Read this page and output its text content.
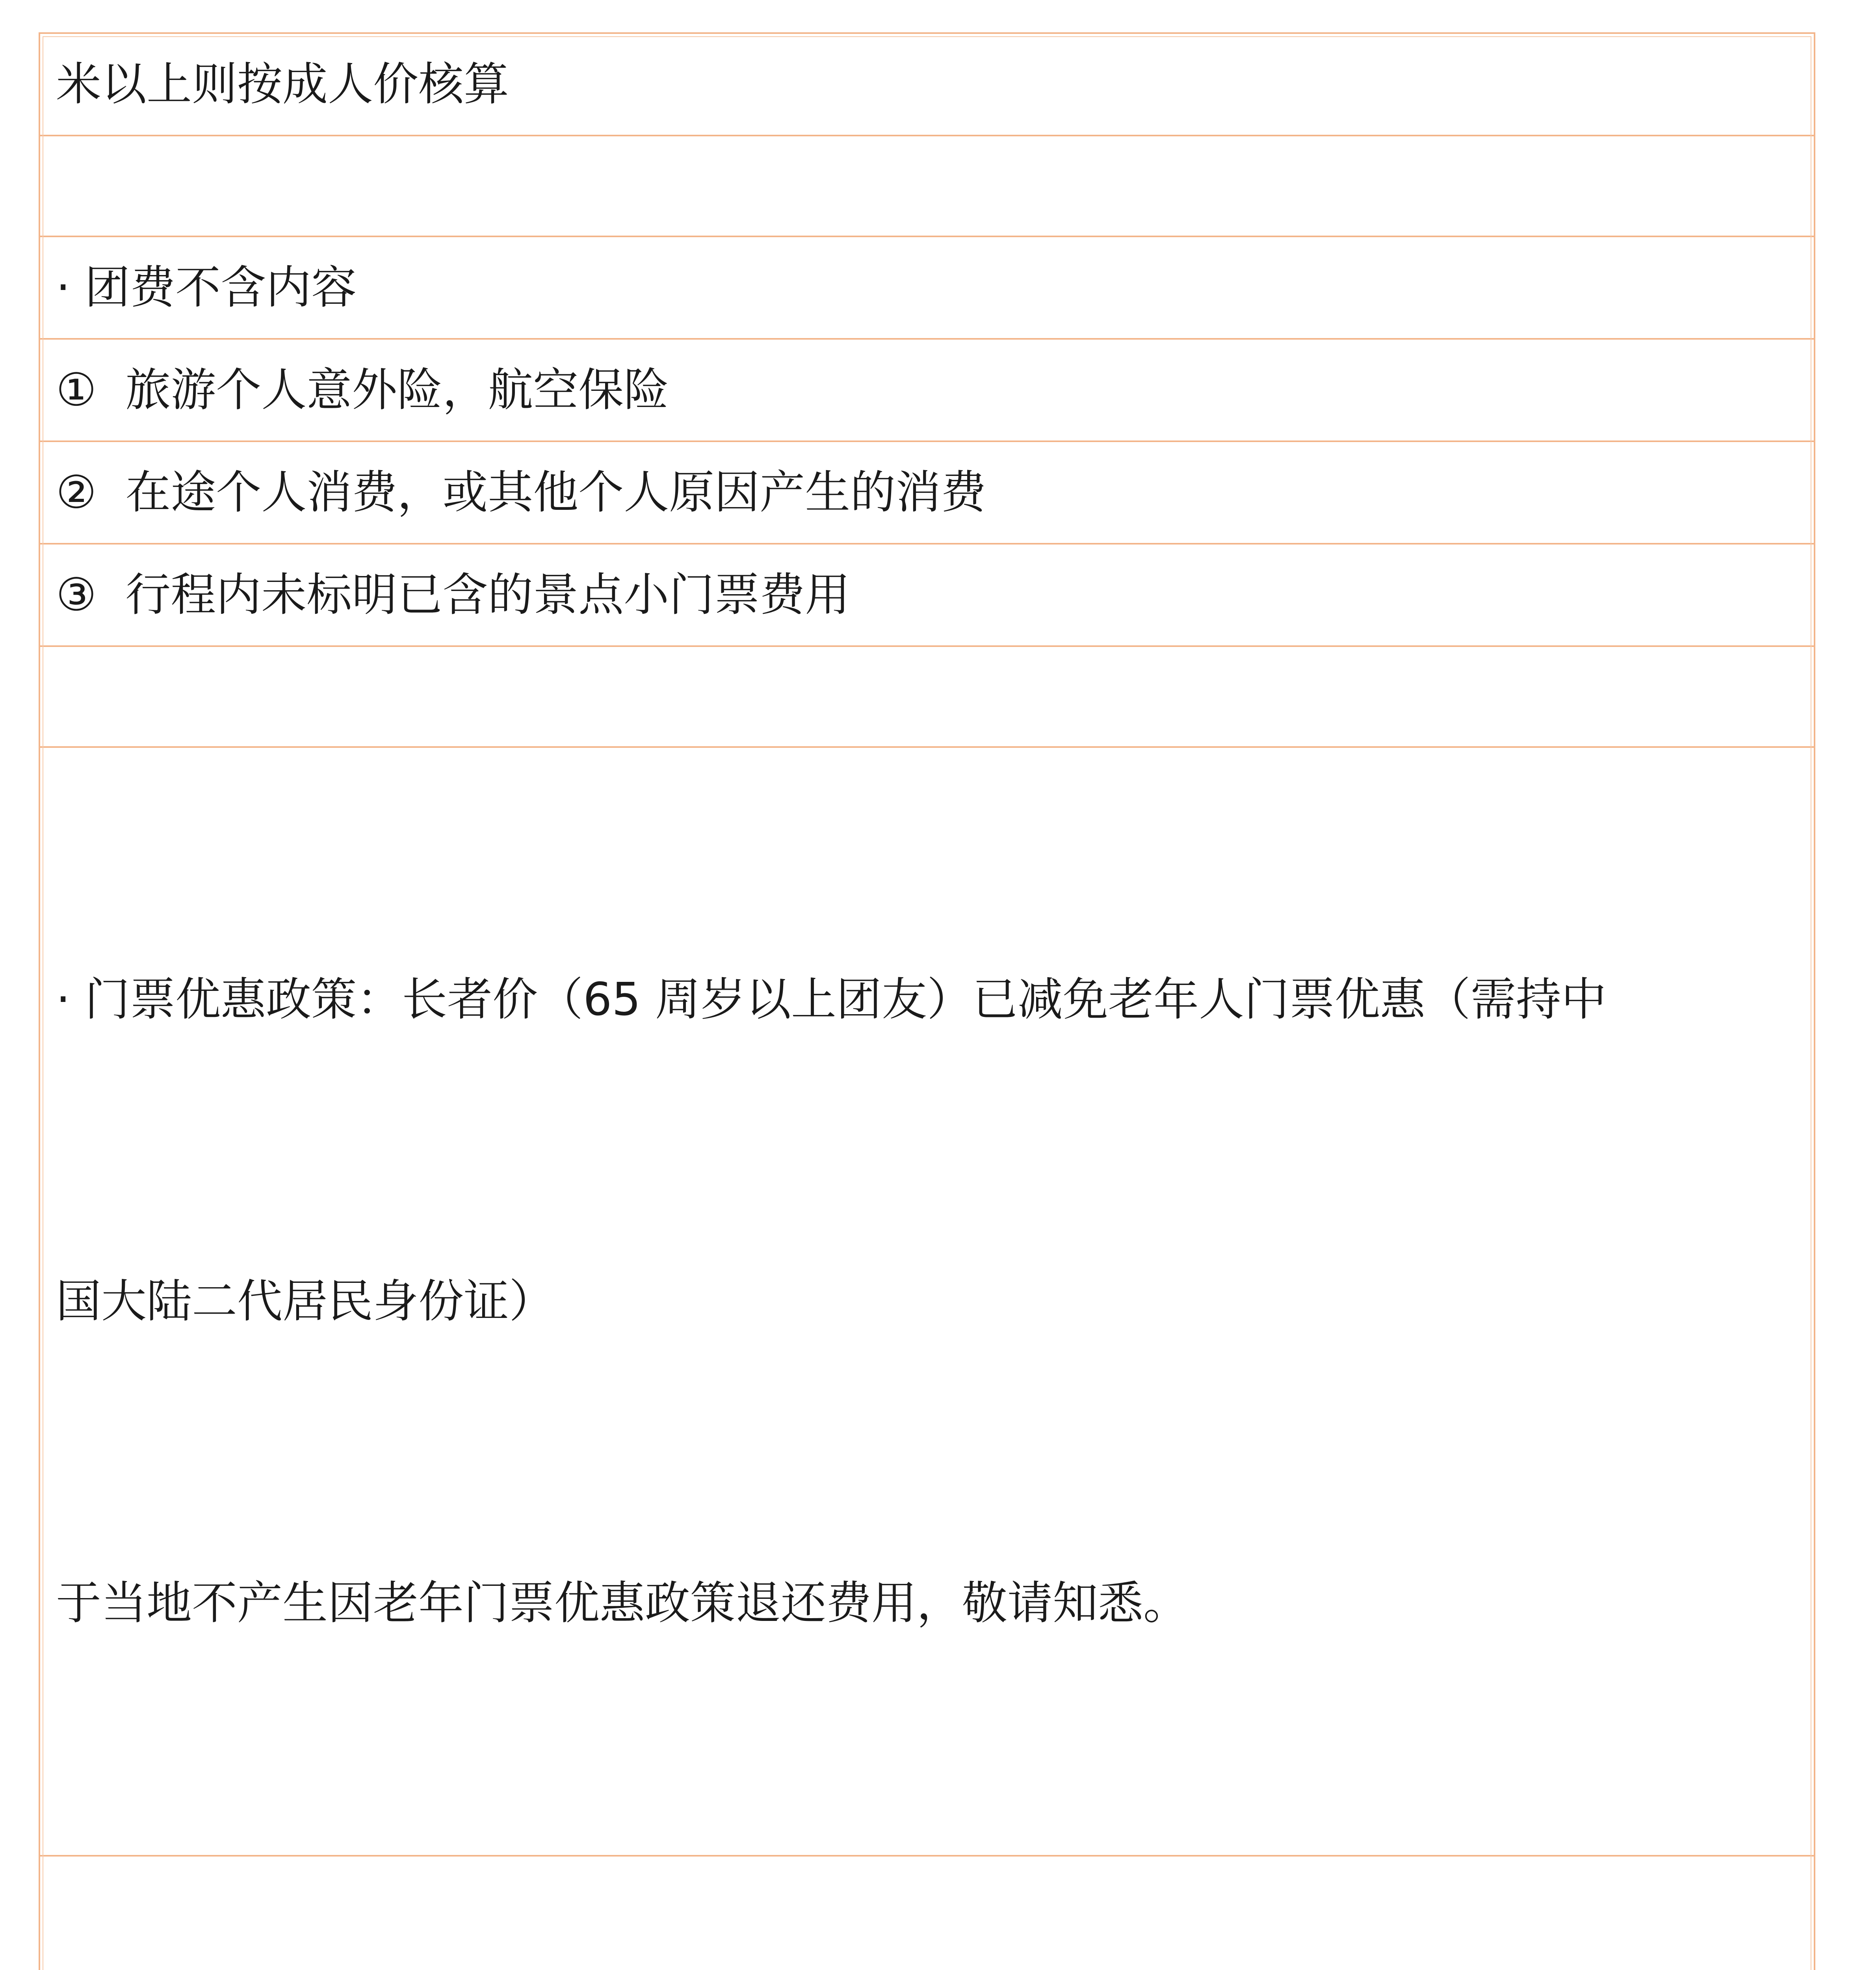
米以上则按成人价核算
· 团费不含内容
①  旅游个人意外险，航空保险
②  在途个人消费，或其他个人原因产生的消费
③  行程内未标明已含的景点小门票费用

· 门票优惠政策：长者价（65 周岁以上团友）已减免老年人门票优惠（需持中

国大陆二代居民身份证）

于当地不产生因老年门票优惠政策退还费用，敬请知悉。
